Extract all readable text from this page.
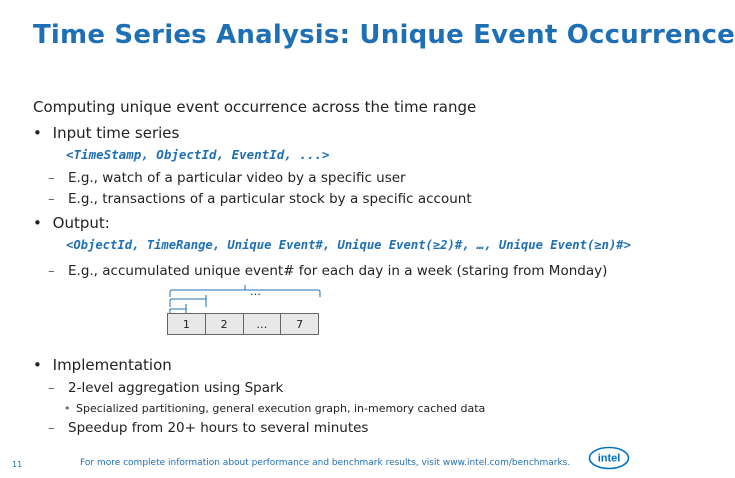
Time Series Analysis: Unique Event Occurrence
Computing unique event occurrence across the time range
• Input time series
<TimeStamp, ObjectId, EventId, ...>
– E.g., watch of a particular video by a specific user
– E.g., transactions of a particular stock by a specific account
• Output:
<ObjectId, TimeRange, Unique Event#, Unique Event(≥2)#, …, Unique Event(≥n)#>
– E.g., accumulated unique event# for each day in a week (staring from Monday)
…
1	2	…	7
• Implementation
– 2-level aggregation using Spark
• Specialized partitioning, general execution graph, in-memory cached data
– Speedup from 20+ hours to several minutes
11	For more complete information about performance and benchmark results, visit www.intel.com/benchmarks. intel
